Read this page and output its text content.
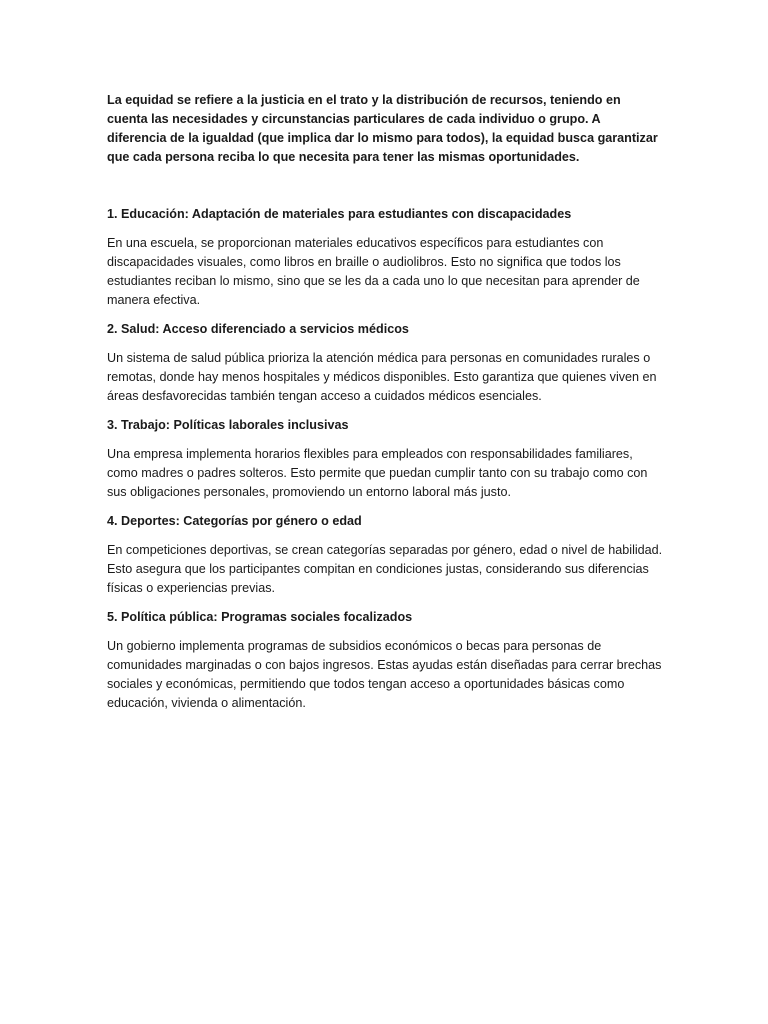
La equidad se refiere a la justicia en el trato y la distribución de recursos, teniendo en cuenta las necesidades y circunstancias particulares de cada individuo o grupo. A diferencia de la igualdad (que implica dar lo mismo para todos), la equidad busca garantizar que cada persona reciba lo que necesita para tener las mismas oportunidades.

1. Educación: Adaptación de materiales para estudiantes con discapacidades

En una escuela, se proporcionan materiales educativos específicos para estudiantes con discapacidades visuales, como libros en braille o audiolibros. Esto no significa que todos los estudiantes reciban lo mismo, sino que se les da a cada uno lo que necesitan para aprender de manera efectiva.

2. Salud: Acceso diferenciado a servicios médicos

Un sistema de salud pública prioriza la atención médica para personas en comunidades rurales o remotas, donde hay menos hospitales y médicos disponibles. Esto garantiza que quienes viven en áreas desfavorecidas también tengan acceso a cuidados médicos esenciales.

3. Trabajo: Políticas laborales inclusivas

Una empresa implementa horarios flexibles para empleados con responsabilidades familiares, como madres o padres solteros. Esto permite que puedan cumplir tanto con su trabajo como con sus obligaciones personales, promoviendo un entorno laboral más justo.

4. Deportes: Categorías por género o edad

En competiciones deportivas, se crean categorías separadas por género, edad o nivel de habilidad. Esto asegura que los participantes compitan en condiciones justas, considerando sus diferencias físicas o experiencias previas.

5. Política pública: Programas sociales focalizados

Un gobierno implementa programas de subsidios económicos o becas para personas de comunidades marginadas o con bajos ingresos. Estas ayudas están diseñadas para cerrar brechas sociales y económicas, permitiendo que todos tengan acceso a oportunidades básicas como educación, vivienda o alimentación.
